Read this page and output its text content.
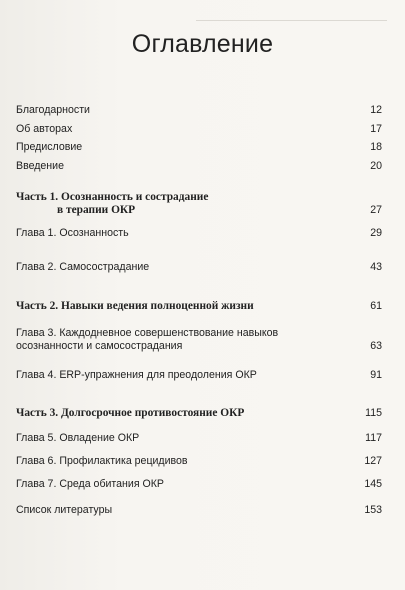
Оглавление
Благодарности	12
Об авторах	17
Предисловие	18
Введение	20
Часть 1. Осознанность и сострадание
в терапии ОКР	27
Глава 1. Осознанность	29
Глава 2. Самосострадание	43
Часть 2. Навыки ведения полноценной жизни	61
Глава 3. Каждодневное совершенствование навыков
осознанности и самосострадания	63
Глава 4. ERP-упражнения для преодоления ОКР	91
Часть 3. Долгосрочное противостояние ОКР	115
Глава 5. Овладение ОКР	117
Глава 6. Профилактика рецидивов	127
Глава 7. Среда обитания ОКР	145
Список литературы	153
